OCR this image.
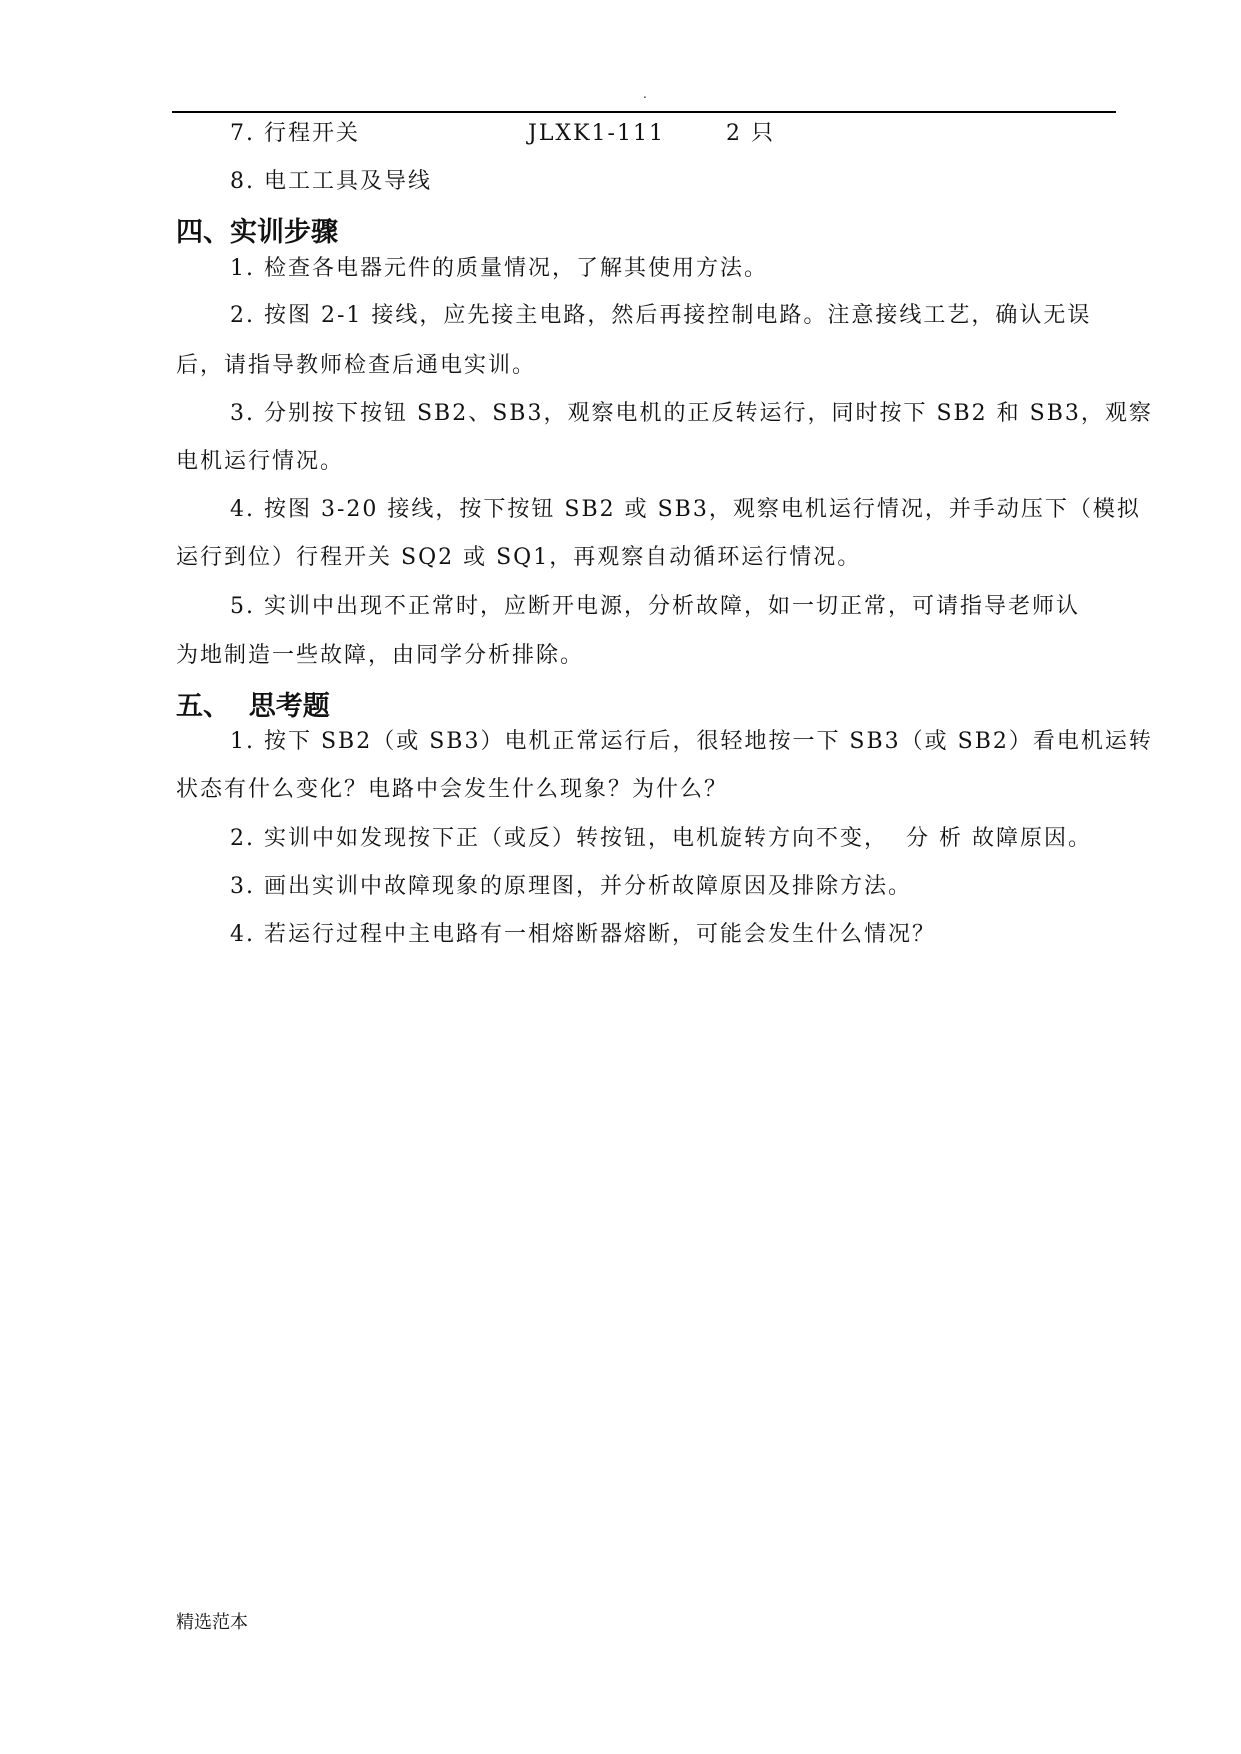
.
7. 行程开关	JLXK1-111	2 只
8. 电工工具及导线
四、实训步骤
1. 检查各电器元件的质量情况，了解其使用方法。
2. 按图 2-1 接线，应先接主电路，然后再接控制电路。注意接线工艺，确认无误
后，请指导教师检查后通电实训。
3. 分别按下按钮 SB2、SB3，观察电机的正反转运行，同时按下 SB2 和 SB3，观察
电机运行情况。
4. 按图 3-20 接线，按下按钮 SB2 或 SB3，观察电机运行情况，并手动压下（模拟
运行到位）行程开关 SQ2 或 SQ1，再观察自动循环运行情况。
5. 实训中出现不正常时，应断开电源，分析故障，如一切正常，可请指导老师认
为地制造一些故障，由同学分析排除。
五、  思考题
1. 按下 SB2（或 SB3）电机正常运行后，很轻地按一下 SB3（或 SB2）看电机运转
状态有什么变化？电路中会发生什么现象？为什么？
2. 实训中如发现按下正（或反）转按钮，电机旋转方向不变，  分 析 故障原因。
3. 画出实训中故障现象的原理图，并分析故障原因及排除方法。
4. 若运行过程中主电路有一相熔断器熔断，可能会发生什么情况？
精选范本
